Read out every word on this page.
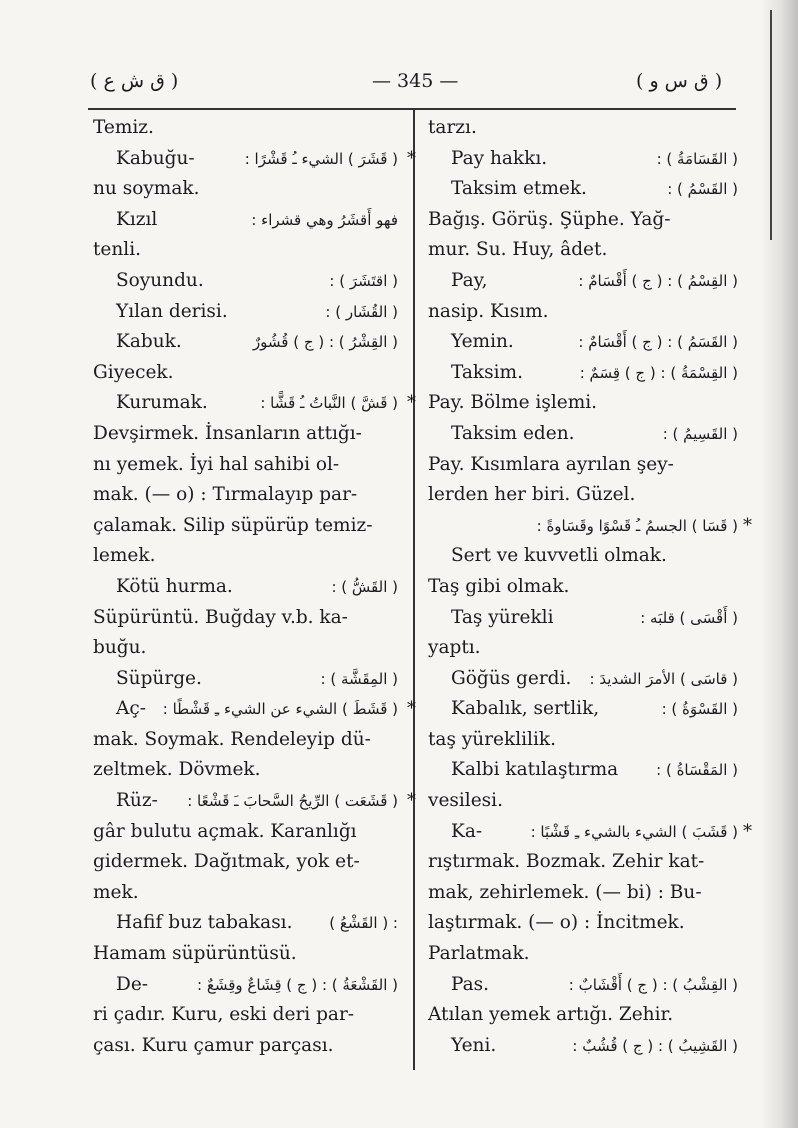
( ق ش ع )	— 345 —	( ق س و )
Temiz.
Kabuğu-	( قَشَرَ ) الشيء ـُ قَشْرًا : *
nu soymak.
Kızıl	فهو أَقشَرُ وهي قشراء :
tenli.
Soyundu.	( اقتَشَرَ ) :
Yılan derisi.	( القُشَار ) :
Kabuk.	( القِشْرُ ) : ( ج ) قُشُورٌ
Giyecek.
Kurumak.	( قَشَّ ) النَّباتُ ـُ قَشًّا : *
Devşirmek. İnsanların attığı-
nı yemek. İyi hal sahibi ol-
mak. (— o) : Tırmalayıp par-
çalamak. Silip süpürüp temiz-
lemek.
Kötü hurma.	( القَشُّ ) :
Süpürüntü. Buğday v.b. ka-
buğu.
Süpürge.	( المِقَشَّة ) :
Aç- ( قَشَطَ ) الشيء عن الشيء ـِ قَشْطًا : *
mak. Soymak. Rendeleyip dü-
zeltmek. Dövmek.
Rüz- ( قَشَعَت ) الرِّيحُ السَّحابَ ـَ قَشْعًا : *
gâr bulutu açmak. Karanlığı
gidermek. Dağıtmak, yok et-
mek.
Hafif buz tabakası. : ( القَشْعُ )
Hamam süpürüntüsü.
De-	( القَشْعَةُ ) : ( ج ) قِشَاعٌ وقِشَعٌ :
ri çadır. Kuru, eski deri par-
çası. Kuru çamur parçası.
tarzı.
Pay hakkı.	( القَسَامَةُ ) :
Taksim etmek.	( القَسْمُ ) :
Bağış. Görüş. Şüphe. Yağ-
mur. Su. Huy, âdet.
Pay,	( القِسْمُ ) : ( ج ) أَقْسَامٌ :
nasip. Kısım.
Yemin.	( القَسَمُ ) : ( ج ) أَقْسَامٌ :
Taksim.	( القِسْمَةُ ) : ( ج ) قِسَمٌ :
Pay. Bölme işlemi.
Taksim eden.	( القَسِيمُ ) :
Pay. Kısımlara ayrılan şey-
lerden her biri. Güzel.
( قَسَا ) الجسمُ ـُ قَسْوًا وقَسَاوةً : *
Sert ve kuvvetli olmak.
Taş gibi olmak.
Taş yürekli	( أَقْسَى ) قلبَه :
yaptı.
Göğüs gerdi. ( قاسَى ) الأمرَ الشديدَ :
Kabalık, sertlik,	( القَسْوَةُ ) :
taş yüreklilik.
Kalbi katılaştırma	( المَقْسَاةُ ) :
vesilesi.
Ka-	( قَشَبَ ) الشيء بالشيء ـِ قَشْبًا : *
rıştırmak. Bozmak. Zehir kat-
mak, zehirlemek. (— bi) : Bu-
laştırmak. (— o) : İncitmek.
Parlatmak.
Pas.	( القِشْبُ ) : ( ج ) أَقْشَابٌ :
Atılan yemek artığı. Zehir.
Yeni.	( القَشِيبُ ) : ( ج ) قُشُبٌ :
